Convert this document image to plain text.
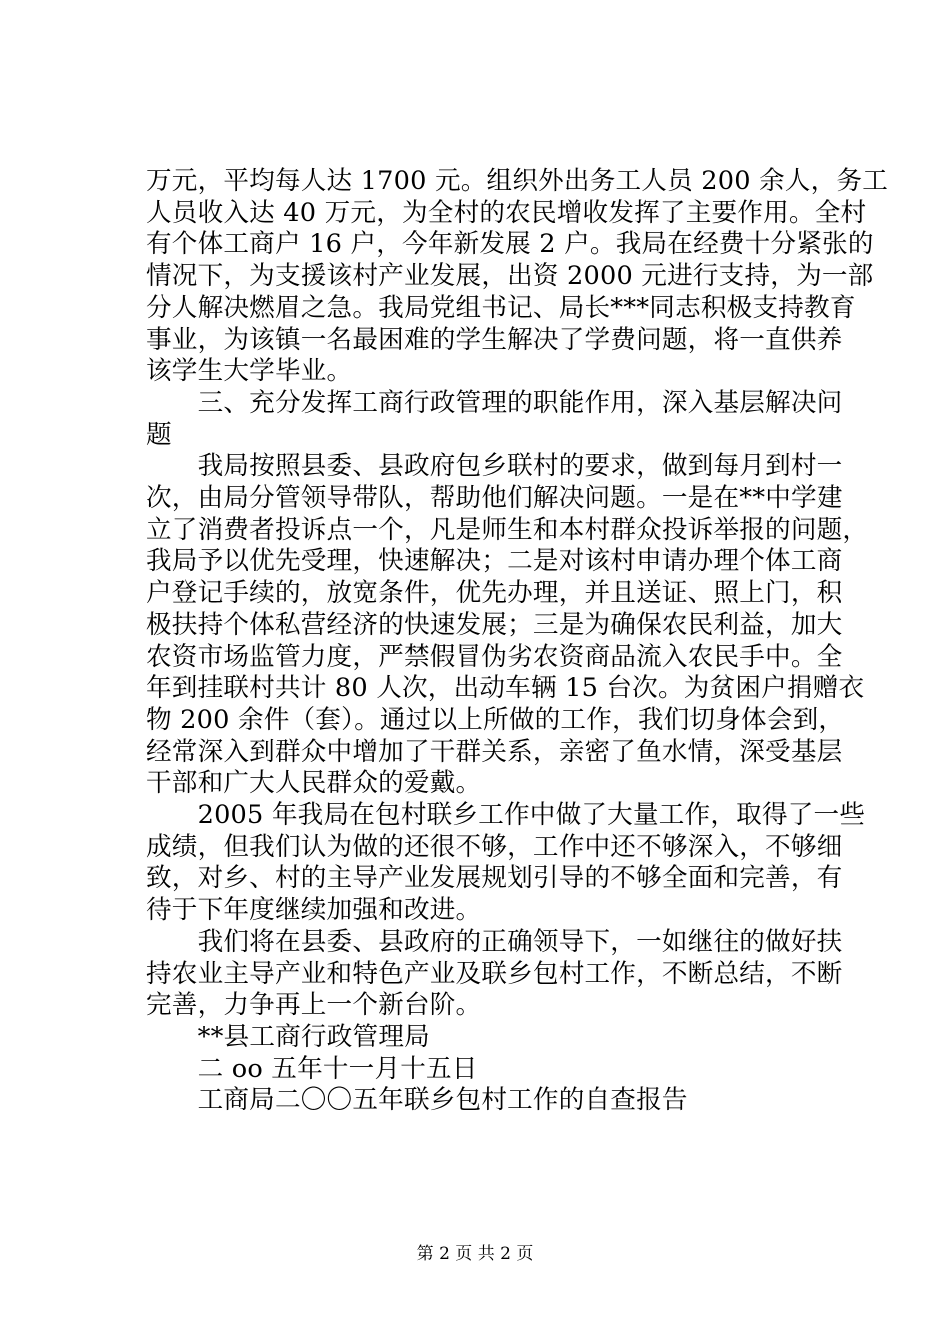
万元，平均每人达 1700 元。组织外出务工人员 200 余人，务工
人员收入达 40 万元，为全村的农民增收发挥了主要作用。全村
有个体工商户 16 户，今年新发展 2 户。我局在经费十分紧张的
情况下，为支援该村产业发展，出资 2000 元进行支持，为一部
分人解决燃眉之急。我局党组书记、局长***同志积极支持教育
事业，为该镇一名最困难的学生解决了学费问题，将一直供养
该学生大学毕业。
　　三、充分发挥工商行政管理的职能作用，深入基层解决问
题
　　我局按照县委、县政府包乡联村的要求，做到每月到村一
次，由局分管领导带队，帮助他们解决问题。一是在**中学建
立了消费者投诉点一个，凡是师生和本村群众投诉举报的问题，
我局予以优先受理，快速解决；二是对该村申请办理个体工商
户登记手续的，放宽条件，优先办理，并且送证、照上门，积
极扶持个体私营经济的快速发展；三是为确保农民利益，加大
农资市场监管力度，严禁假冒伪劣农资商品流入农民手中。全
年到挂联村共计 80 人次，出动车辆 15 台次。为贫困户捐赠衣
物 200 余件（套）。通过以上所做的工作，我们切身体会到，
经常深入到群众中增加了干群关系，亲密了鱼水情，深受基层
干部和广大人民群众的爱戴。
　　2005 年我局在包村联乡工作中做了大量工作，取得了一些
成绩，但我们认为做的还很不够，工作中还不够深入，不够细
致，对乡、村的主导产业发展规划引导的不够全面和完善，有
待于下年度继续加强和改进。
　　我们将在县委、县政府的正确领导下，一如继往的做好扶
持农业主导产业和特色产业及联乡包村工作，不断总结，不断
完善，力争再上一个新台阶。
　　**县工商行政管理局
　　二 oo 五年十一月十五日
　　工商局二〇〇五年联乡包村工作的自查报告
第 2 页 共 2 页
